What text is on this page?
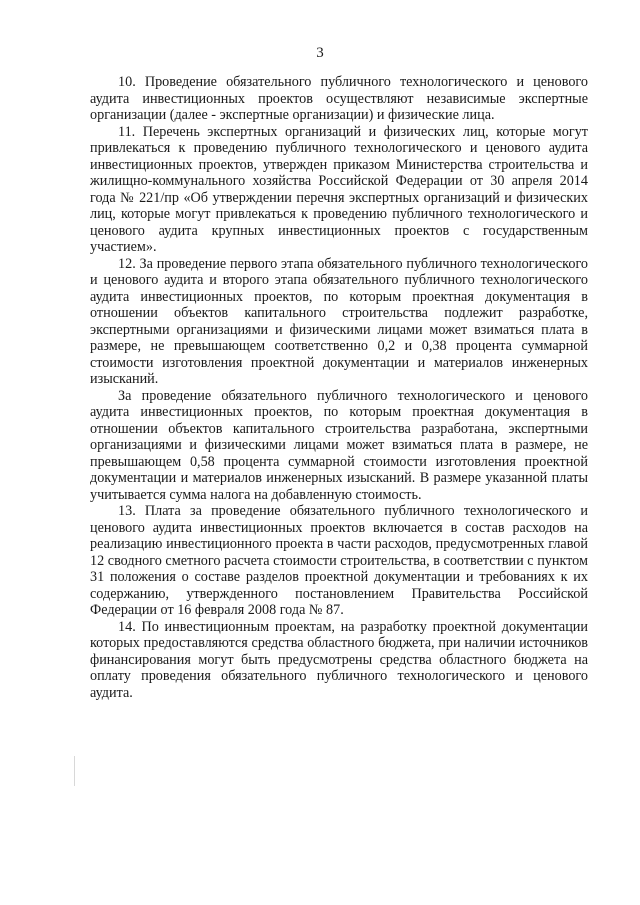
3

10. Проведение обязательного публичного технологического и ценового аудита инвестиционных проектов осуществляют независимые экспертные организации (далее - экспертные организации) и физические лица.

11. Перечень экспертных организаций и физических лиц, которые могут привлекаться к проведению публичного технологического и ценового аудита инвестиционных проектов, утвержден приказом Министерства строительства и жилищно-коммунального хозяйства Российской Федерации от 30 апреля 2014 года № 221/пр «Об утверждении перечня экспертных организаций и физических лиц, которые могут привлекаться к проведению публичного технологического и ценового аудита крупных инвестиционных проектов с государственным участием».

12. За проведение первого этапа обязательного публичного технологического и ценового аудита и второго этапа обязательного публичного технологического аудита инвестиционных проектов, по которым проектная документация в отношении объектов капитального строительства подлежит разработке, экспертными организациями и физическими лицами может взиматься плата в размере, не превышающем соответственно 0,2 и 0,38 процента суммарной стоимости изготовления проектной документации и материалов инженерных изысканий.

За проведение обязательного публичного технологического и ценового аудита инвестиционных проектов, по которым проектная документация в отношении объектов капитального строительства разработана, экспертными организациями и физическими лицами может взиматься плата в размере, не превышающем 0,58 процента суммарной стоимости изготовления проектной документации и материалов инженерных изысканий. В размере указанной платы учитывается сумма налога на добавленную стоимость.

13. Плата за проведение обязательного публичного технологического и ценового аудита инвестиционных проектов включается в состав расходов на реализацию инвестиционного проекта в части расходов, предусмотренных главой 12 сводного сметного расчета стоимости строительства, в соответствии с пунктом 31 положения о составе разделов проектной документации и требованиях к их содержанию, утвержденного постановлением Правительства Российской Федерации от 16 февраля 2008 года № 87.

14. По инвестиционным проектам, на разработку проектной документации которых предоставляются средства областного бюджета, при наличии источников финансирования могут быть предусмотрены средства областного бюджета на оплату проведения обязательного публичного технологического и ценового аудита.
